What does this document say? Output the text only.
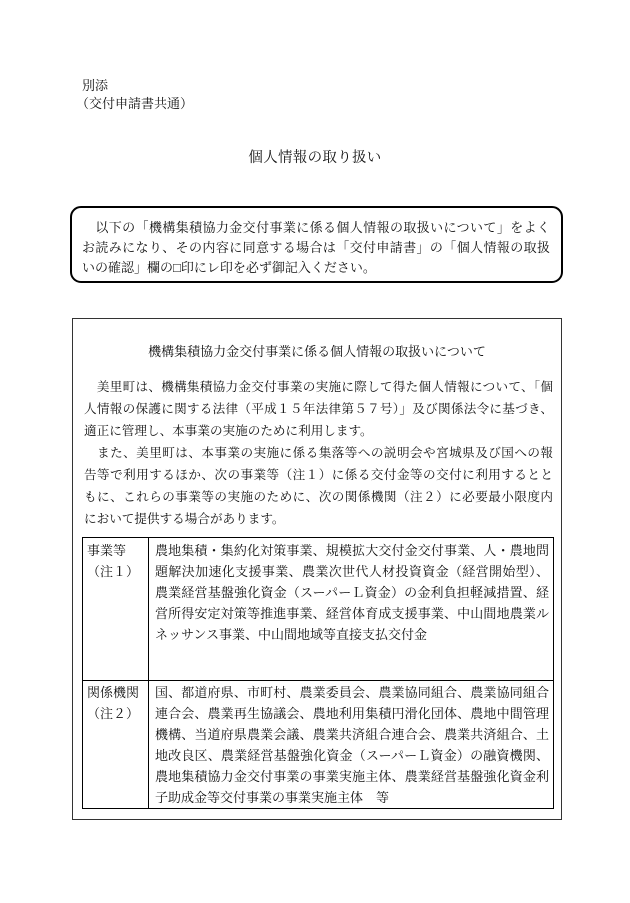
別添
（交付申請書共通）
個人情報の取り扱い
　以下の「機構集積協力金交付事業に係る個人情報の取扱いについて」をよく
お読みになり、その内容に同意する場合は「交付申請書」の「個人情報の取扱
いの確認」欄の□印にレ印を必ず御記入ください。
機構集積協力金交付事業に係る個人情報の取扱いについて
　美里町は、機構集積協力金交付事業の実施に際して得た個人情報について、「個
人情報の保護に関する法律（平成１５年法律第５７号）」及び関係法令に基づき、
適正に管理し、本事業の実施のために利用します。
　また、美里町は、本事業の実施に係る集落等への説明会や宮城県及び国への報
告等で利用するほか、次の事業等（注１）に係る交付金等の交付に利用するとと
もに、これらの事業等の実施のために、次の関係機関（注２）に必要最小限度内
において提供する場合があります。
事業等
（注１）
農地集積・集約化対策事業、規模拡大交付金交付事業、人・農地問
題解決加速化支援事業、農業次世代人材投資資金（経営開始型）、
農業経営基盤強化資金（スーパーＬ資金）の金利負担軽減措置、経
営所得安定対策等推進事業、経営体育成支援事業、中山間地農業ル
ネッサンス事業、中山間地域等直接支払交付金
関係機関
（注２）
国、都道府県、市町村、農業委員会、農業協同組合、農業協同組合
連合会、農業再生協議会、農地利用集積円滑化団体、農地中間管理
機構、当道府県農業会議、農業共済組合連合会、農業共済組合、土
地改良区、農業経営基盤強化資金（スーパーＬ資金）の融資機関、
農地集積協力金交付事業の事業実施主体、農業経営基盤強化資金利
子助成金等交付事業の事業実施主体　等
